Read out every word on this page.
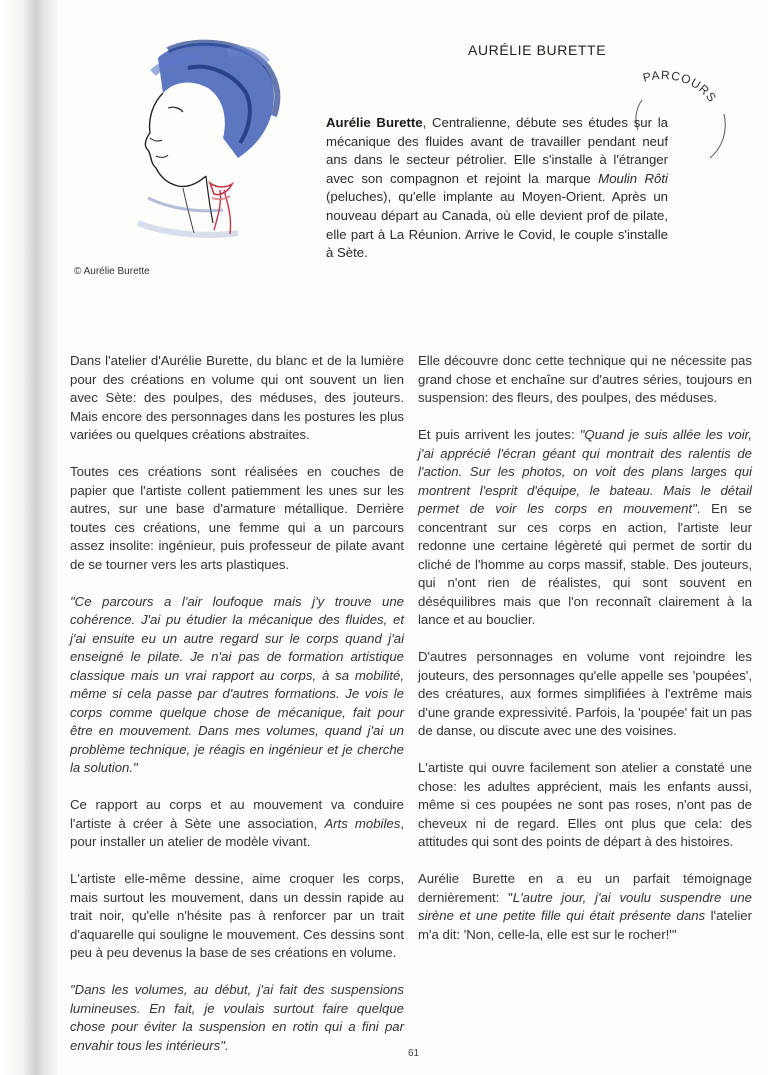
© Aurélie Burette
AURÉLIE BURETTE
PARCOURS
Aurélie Burette, Centralienne, débute ses études sur la mécanique des fluides avant de travailler pendant neuf ans dans le secteur pétrolier. Elle s'installe à l'étranger avec son compagnon et rejoint la marque Moulin Rôti (peluches), qu'elle implante au Moyen-Orient. Après un nouveau départ au Canada, où elle devient prof de pilate, elle part à La Réunion. Arrive le Covid, le couple s'installe à Sète.

Dans l'atelier d'Aurélie Burette, du blanc et de la lumière pour des créations en volume qui ont souvent un lien avec Sète: des poulpes, des méduses, des jouteurs. Mais encore des personnages dans les postures les plus variées ou quelques créations abstraites.

Toutes ces créations sont réalisées en couches de papier que l'artiste collent patiemment les unes sur les autres, sur une base d'armature métallique. Derrière toutes ces créations, une femme qui a un parcours assez insolite: ingénieur, puis professeur de pilate avant de se tourner vers les arts plastiques.

"Ce parcours a l'air loufoque mais j'y trouve une cohérence. J'ai pu étudier la mécanique des fluides, et j'ai ensuite eu un autre regard sur le corps quand j'ai enseigné le pilate. Je n'ai pas de formation artistique classique mais un vrai rapport au corps, à sa mobilité, même si cela passe par d'autres formations. Je vois le corps comme quelque chose de mécanique, fait pour être en mouvement. Dans mes volumes, quand j'ai un problème technique, je réagis en ingénieur et je cherche la solution."

Ce rapport au corps et au mouvement va conduire l'artiste à créer à Sète une association, Arts mobiles, pour installer un atelier de modèle vivant.

L'artiste elle-même dessine, aime croquer les corps, mais surtout les mouvement, dans un dessin rapide au trait noir, qu'elle n'hésite pas à renforcer par un trait d'aquarelle qui souligne le mouvement. Ces dessins sont peu à peu devenus la base de ses créations en volume.

"Dans les volumes, au début, j'ai fait des suspensions lumineuses. En fait, je voulais surtout faire quelque chose pour éviter la suspension en rotin qui a fini par envahir tous les intérieurs".

Elle découvre donc cette technique qui ne nécessite pas grand chose et enchaîne sur d'autres séries, toujours en suspension: des fleurs, des poulpes, des méduses.

Et puis arrivent les joutes: "Quand je suis allée les voir, j'ai apprécié l'écran géant qui montrait des ralentis de l'action. Sur les photos, on voit des plans larges qui montrent l'esprit d'équipe, le bateau. Mais le détail permet de voir les corps en mouvement". En se concentrant sur ces corps en action, l'artiste leur redonne une certaine légèreté qui permet de sortir du cliché de l'homme au corps massif, stable. Des jouteurs, qui n'ont rien de réalistes, qui sont souvent en déséquilibres mais que l'on reconnaît clairement à la lance et au bouclier.

D'autres personnages en volume vont rejoindre les jouteurs, des personnages qu'elle appelle ses 'poupées', des créatures, aux formes simplifiées à l'extrême mais d'une grande expressivité. Parfois, la 'poupée' fait un pas de danse, ou discute avec une des voisines.

L'artiste qui ouvre facilement son atelier a constaté une chose: les adultes apprécient, mais les enfants aussi, même si ces poupées ne sont pas roses, n'ont pas de cheveux ni de regard. Elles ont plus que cela: des attitudes qui sont des points de départ à des histoires.

Aurélie Burette en a eu un parfait témoignage dernièrement: "L'autre jour, j'ai voulu suspendre une sirène et une petite fille qui était présente dans l'atelier m'a dit: 'Non, celle-la, elle est sur le rocher!'"

61
